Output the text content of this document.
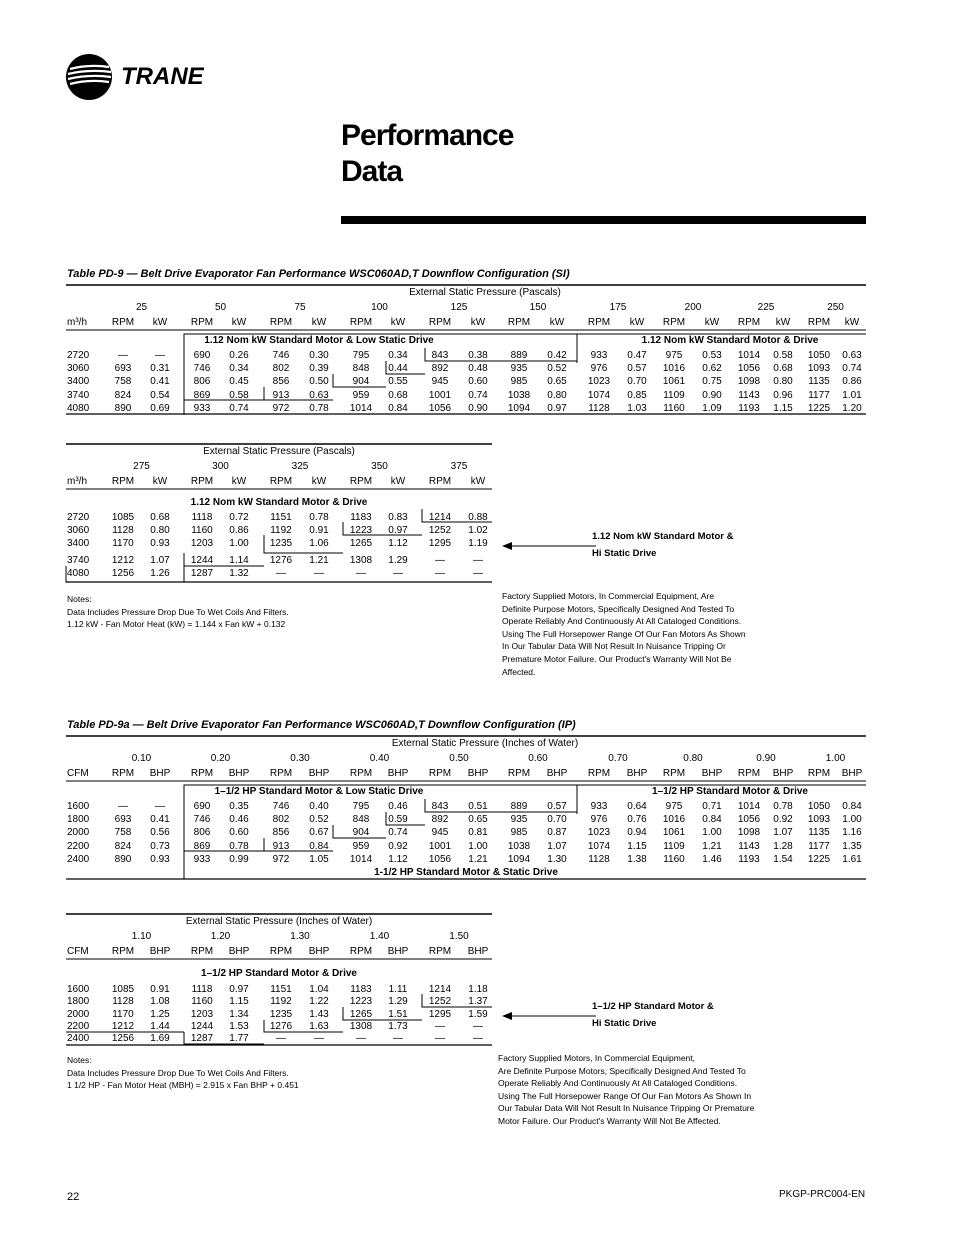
TRANE
Performance
Data
Table PD-9 — Belt Drive Evaporator Fan Performance WSC060AD,T Downflow Configuration (SI)
External Static Pressure (Pascals)
25	50	75	100	125	150	175	200	225	250
m³/h RPM kW RPM kW RPM kW RPM kW RPM kW RPM kW RPM kW RPM kW RPM kW RPM kW
1.12 Nom kW Standard Motor & Low Static Drive	1.12 Nom kW Standard Motor & Drive
2720	—	—	690 0.26 746 0.30 795 0.34 843 0.38 889 0.42 933 0.47 975 0.53 1014 0.58 1050 0.63
3060	693 0.31 746 0.34 802 0.39 848 0.44 892 0.48 935 0.52 976 0.57 1016 0.62 1056 0.68 1093 0.74
3400	758 0.41 806 0.45 856 0.50 904 0.55 945 0.60 985 0.65 1023 0.70 1061 0.75 1098 0.80 1135 0.86
3740	824 0.54 869 0.58 913 0.63 959 0.68 1001 0.74 1038 0.80 1074 0.85 1109 0.90 1143 0.96 1177 1.01
4080	890 0.69 933 0.74 972 0.78 1014 0.84 1056 0.90 1094 0.97 1128 1.03 1160 1.09 1193 1.15 1225 1.20
External Static Pressure (Pascals)
275	300	325	350	375
m³/h RPM kW RPM kW RPM kW RPM kW RPM kW
1.12 Nom kW Standard Motor & Drive
2720 1085 0.68 1118 0.72 1151 0.78 1183 0.83 1214 0.88
3060 1128 0.80 1160 0.86 1192 0.91 1223 0.97 1252 1.02
3400 1170 0.93 1203 1.00 1235 1.06 1265 1.12 1295 1.19
3740 1212 1.07 1244 1.14 1276 1.21 1308 1.29	—	—
4080 1256 1.26 1287 1.32	—	—	—	—	—	—
Table PD-9a — Belt Drive Evaporator Fan Performance WSC060AD,T Downflow Configuration (IP)
External Static Pressure (Inches of Water)
0.10	0.20	0.30	0.40	0.50	0.60	0.70	0.80	0.90	1.00
CFM RPM BHP RPM BHP RPM BHP RPM BHP RPM BHP RPM BHP RPM BHP RPM BHP RPM BHP RPM BHP
1–1/2 HP Standard Motor & Low Static Drive	1–1/2 HP Standard Motor & Drive
1-1/2 HP Standard Motor & Static Drive
1600	—	—	690 0.35 746 0.40 795 0.46 843 0.51 889 0.57 933 0.64 975 0.71 1014 0.78 1050 0.84
1800	693 0.41 746 0.46 802 0.52 848 0.59 892 0.65 935 0.70 976 0.76 1016 0.84 1056 0.92 1093 1.00
2000	758 0.56 806 0.60 856 0.67 904 0.74 945 0.81 985 0.87 1023 0.94 1061 1.00 1098 1.07 1135 1.16
2200	824 0.73 869 0.78 913 0.84 959 0.92 1001 1.00 1038 1.07 1074 1.15 1109 1.21 1143 1.28 1177 1.35
2400	890 0.93 933 0.99 972 1.05 1014 1.12 1056 1.21 1094 1.30 1128 1.38 1160 1.46 1193 1.54 1225 1.61
External Static Pressure (Inches of Water)
1.10	1.20	1.30	1.40	1.50
CFM RPM BHP RPM BHP RPM BHP RPM BHP RPM BHP
1–1/2 HP Standard Motor & Drive
1600 1085 0.91 1118 0.97 1151 1.04 1183 1.11 1214 1.18
1800 1128 1.08 1160 1.15 1192 1.22 1223 1.29 1252 1.37
2000 1170 1.25 1203 1.34 1235 1.43 1265 1.51 1295 1.59
2200 1212 1.44 1244 1.53 1276 1.63 1308 1.73	—	—
2400 1256 1.69 1287 1.77	—	—	—	—	—	—
Notes:
Data Includes Pressure Drop Due To Wet Coils And Filters.
1.12 kW - Fan Motor Heat (kW) = 1.144 x Fan kW + 0.132
Factory Supplied Motors, In Commercial Equipment, Are
Definite Purpose Motors, Specifically Designed And Tested To
Operate Reliably And Continuously At All Cataloged Conditions.
Using The Full Horsepower Range Of Our Fan Motors As Shown
In Our Tabular Data Will Not Result In Nuisance Tripping Or
Premature Motor Failure. Our Product's Warranty Will Not Be
Affected.
1.12 Nom kW Standard Motor &
Hi Static Drive
Notes:
Data Includes Pressure Drop Due To Wet Coils And Filters.
1 1/2 HP - Fan Motor Heat (MBH) = 2.915 x Fan BHP + 0.451
Factory Supplied Motors, In Commercial Equipment,
Are Definite Purpose Motors, Specifically Designed And Tested To
Operate Reliably And Continuously At All Cataloged Conditions.
Using The Full Horsepower Range Of Our Fan Motors As Shown In
Our Tabular Data Will Not Result In Nuisance Tripping Or Premature
Motor Failure. Our Product's Warranty Will Not Be Affected.
1–1/2 HP Standard Motor &
Hi Static Drive
22	PKGP-PRC004-EN
